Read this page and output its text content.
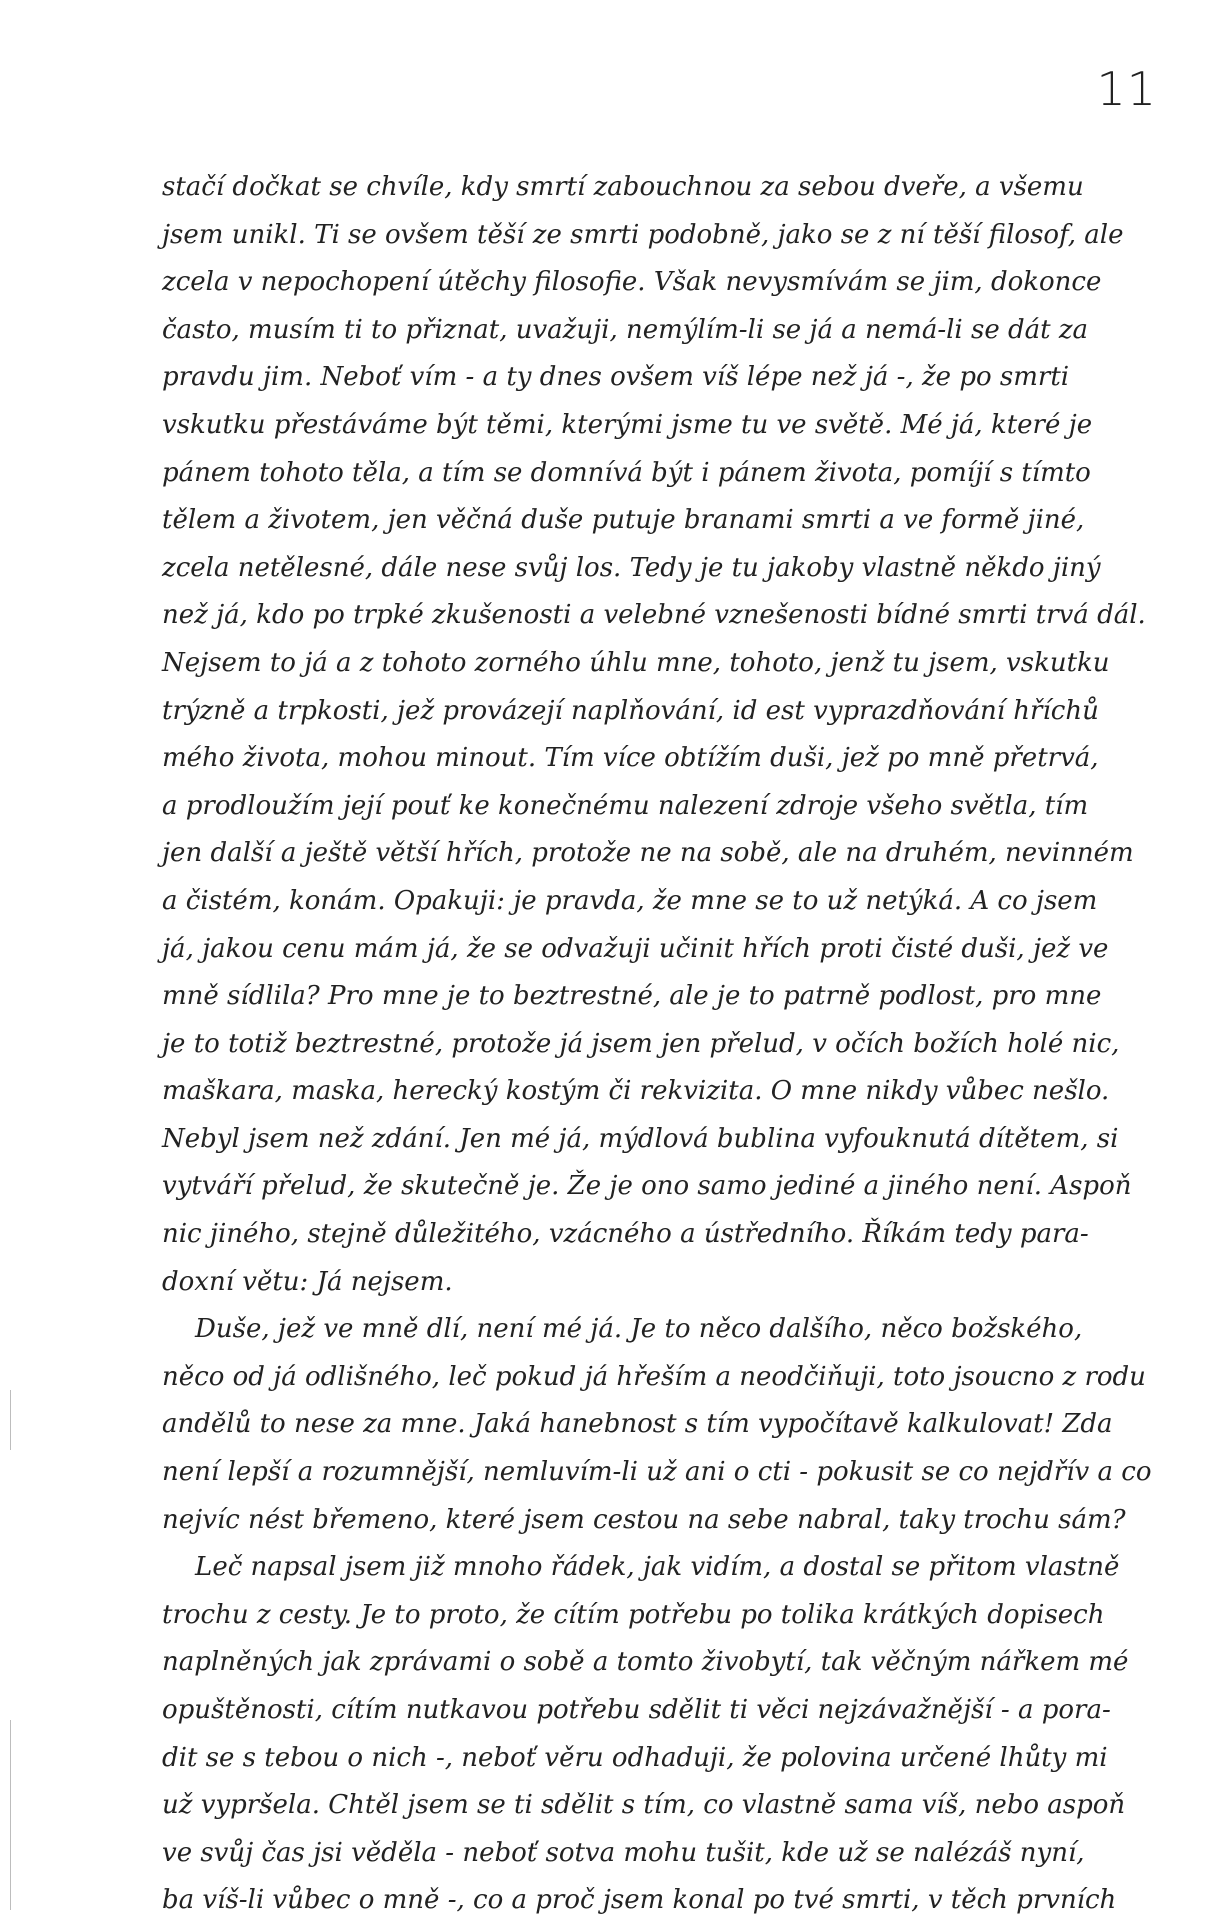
11
stačí dočkat se chvíle, kdy smrtí zabouchnou za sebou dveře, a všemu
jsem unikl. Ti se ovšem těší ze smrti podobně, jako se z ní těší filosof, ale
zcela v nepochopení útěchy filosofie. Však nevysmívám se jim, dokonce
často, musím ti to přiznat, uvažuji, nemýlím-li se já a nemá-li se dát za
pravdu jim. Neboť vím - a ty dnes ovšem víš lépe než já -, že po smrti
vskutku přestáváme být těmi, kterými jsme tu ve světě. Mé já, které je
pánem tohoto těla, a tím se domnívá být i pánem života, pomíjí s tímto
tělem a životem, jen věčná duše putuje branami smrti a ve formě jiné,
zcela netělesné, dále nese svůj los. Tedy je tu jakoby vlastně někdo jiný
než já, kdo po trpké zkušenosti a velebné vznešenosti bídné smrti trvá dál.
Nejsem to já a z tohoto zorného úhlu mne, tohoto, jenž tu jsem, vskutku
trýzně a trpkosti, jež provázejí naplňování, id est vyprazdňování hříchů
mého života, mohou minout. Tím více obtížím duši, jež po mně přetrvá,
a prodloužím její pouť ke konečnému nalezení zdroje všeho světla, tím
jen další a ještě větší hřích, protože ne na sobě, ale na druhém, nevinném
a čistém, konám. Opakuji: je pravda, že mne se to už netýká. A co jsem
já, jakou cenu mám já, že se odvažuji učinit hřích proti čisté duši, jež ve
mně sídlila? Pro mne je to beztrestné, ale je to patrně podlost, pro mne
je to totiž beztrestné, protože já jsem jen přelud, v očích božích holé nic,
maškara, maska, herecký kostým či rekvizita. O mne nikdy vůbec nešlo.
Nebyl jsem než zdání. Jen mé já, mýdlová bublina vyfouknutá dítětem, si
vytváří přelud, že skutečně je. Že je ono samo jediné a jiného není. Aspoň
nic jiného, stejně důležitého, vzácného a ústředního. Říkám tedy para-
doxní větu: Já nejsem.
Duše, jež ve mně dlí, není mé já. Je to něco dalšího, něco božského,
něco od já odlišného, leč pokud já hřeším a neodčiňuji, toto jsoucno z rodu
andělů to nese za mne. Jaká hanebnost s tím vypočítavě kalkulovat! Zda
není lepší a rozumnější, nemluvím-li už ani o cti - pokusit se co nejdřív a co
nejvíc nést břemeno, které jsem cestou na sebe nabral, taky trochu sám?
Leč napsal jsem již mnoho řádek, jak vidím, a dostal se přitom vlastně
trochu z cesty. Je to proto, že cítím potřebu po tolika krátkých dopisech
naplněných jak zprávami o sobě a tomto živobytí, tak věčným nářkem mé
opuštěnosti, cítím nutkavou potřebu sdělit ti věci nejzávažnější - a pora-
dit se s tebou o nich -, neboť věru odhaduji, že polovina určené lhůty mi
už vypršela. Chtěl jsem se ti sdělit s tím, co vlastně sama víš, nebo aspoň
ve svůj čas jsi věděla - neboť sotva mohu tušit, kde už se nalézáš nyní,
ba víš-li vůbec o mně -, co a proč jsem konal po tvé smrti, v těch prvních
